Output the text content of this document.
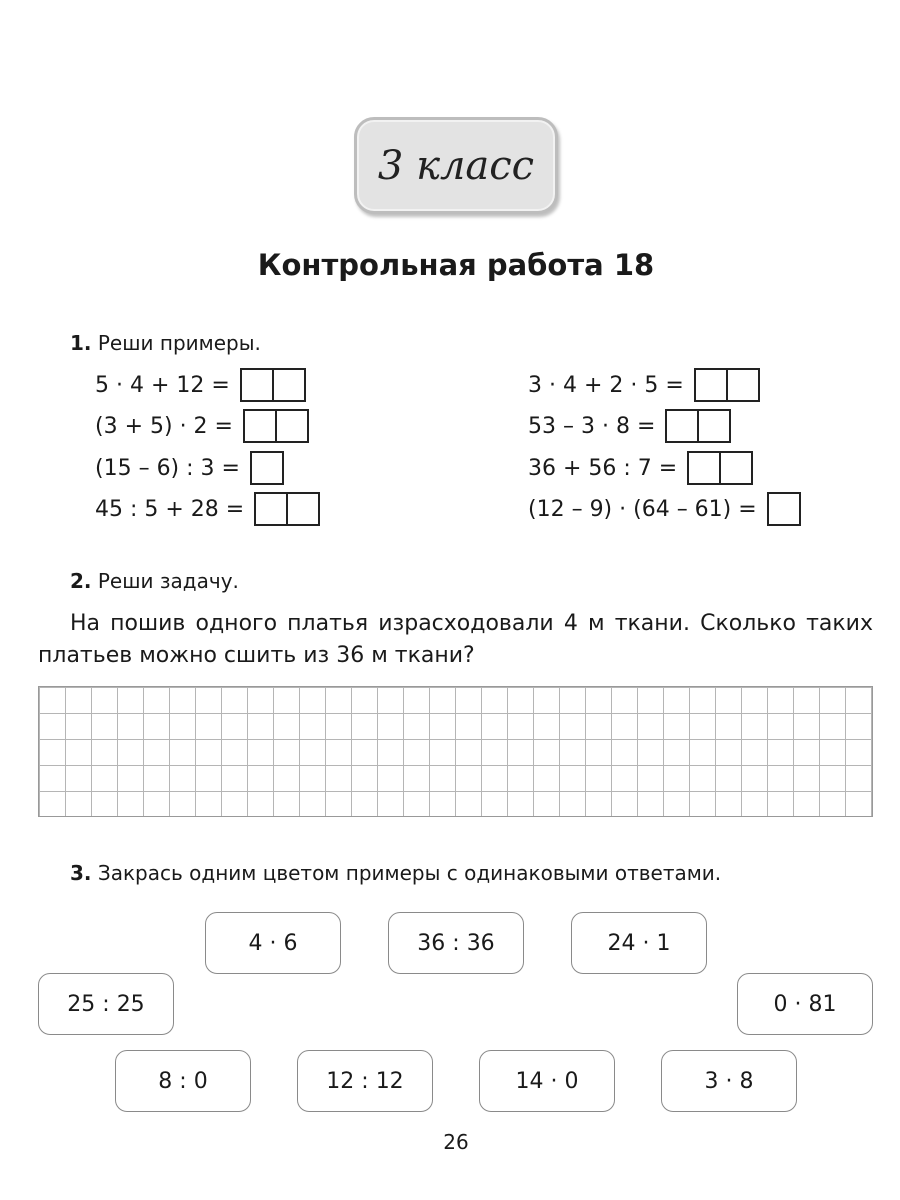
3 класс
Контрольная работа 18
1. Реши примеры.
5 · 4 + 12 =
(3 + 5) · 2 =
(15 – 6) : 3 =
45 : 5 + 28 =
3 · 4 + 2 · 5 =
53 – 3 · 8 =
36 + 56 : 7 =
(12 – 9) · (64 – 61) =
2. Реши задачу.
На пошив одного платья израсходовали 4 м ткани. Сколько таких платьев можно сшить из 36 м ткани?
3. Закрась одним цветом примеры с одинаковыми ответами.
4 · 6	36 : 36	24 · 1
25 : 25	0 · 81
8 : 0	12 : 12	14 · 0	3 · 8
26
